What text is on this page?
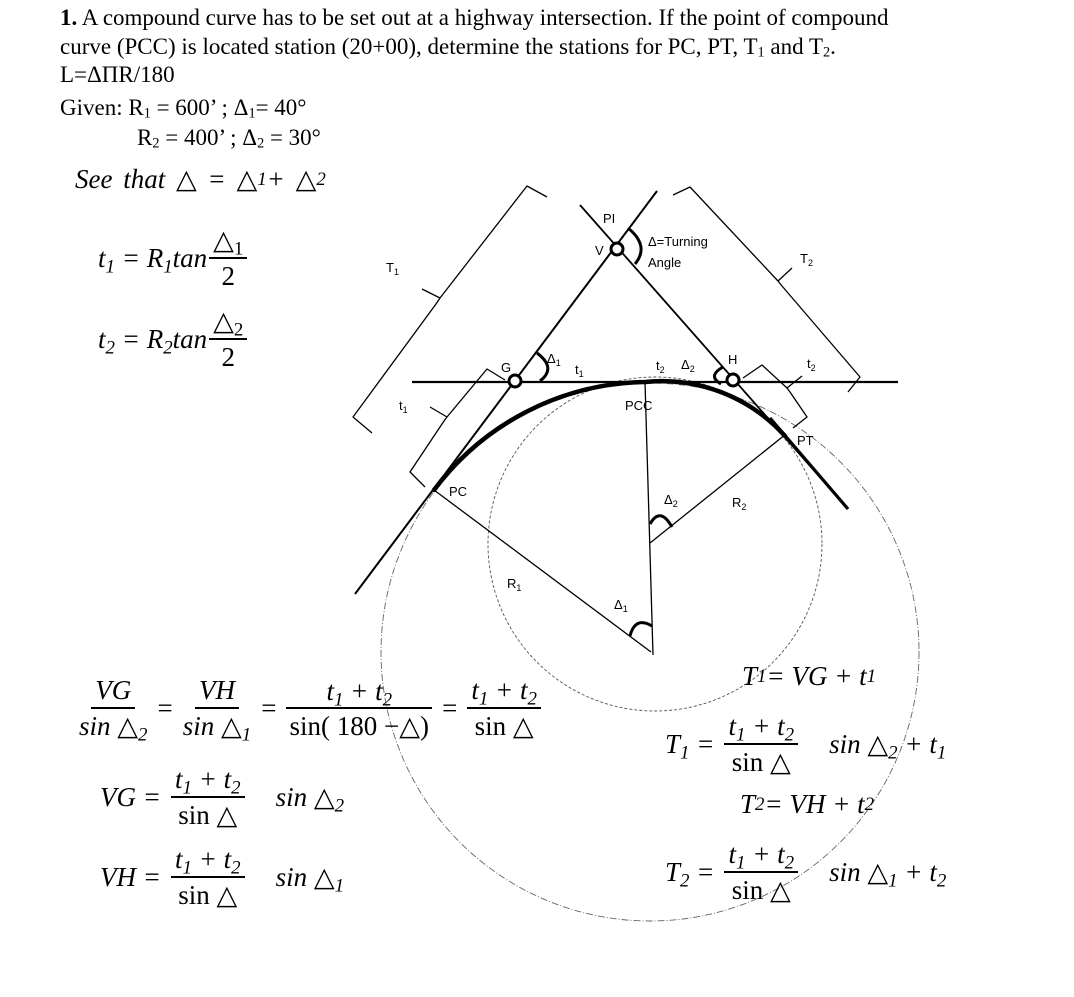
1. A compound curve has to be set out at a highway intersection. If the point of compound
curve (PCC) is located station (20+00), determine the stations for PC, PT, $T_1$ and $T_2$.
L=ΔΠR/180
Given: $R_1 = 600$’ ; $\Delta_1= 40^\circ$
$R_2 = 400$’ ; $\Delta_2 = 30^\circ$
PI
V
Δ=Turning
Angle
$T_1$
$T_2$
G
$\Delta_1$ $t_1$
$t_2$ $\Delta_2$
H	$t_2$
$t_1$	PCC
PT
PC
$\Delta_2$	$R_2$
$R_1$
$\Delta_1$
See that △ = △ 1 + △ 2
$t_1 = R_1\tan \frac{\triangle_1}{2}$
$t_2 = R_2\tan \frac{\triangle_2}{2}$
$\frac{VG}{\sin \triangle_2} = \frac{VH}{\sin \triangle_1} = \frac{t_1 + t_2}{\sin( 180 -\triangle)} = \frac{t_1 + t_2}{\sin \triangle}$
VG = $\frac{t_1 + t_2}{\sin \triangle}$ $\sin \triangle_2$
VH = $\frac{t_1 + t_2}{\sin \triangle}$ $\sin \triangle_1$
T 1 = VG + t 1
$T_1 = \frac{t_1 + t_2}{\sin \triangle}$ $\sin \triangle_2 + t_1$
T 2 = VH + t 2
$T_2 = \frac{t_1 + t_2}{\sin \triangle}$ $\sin \triangle_1 + t_2$
